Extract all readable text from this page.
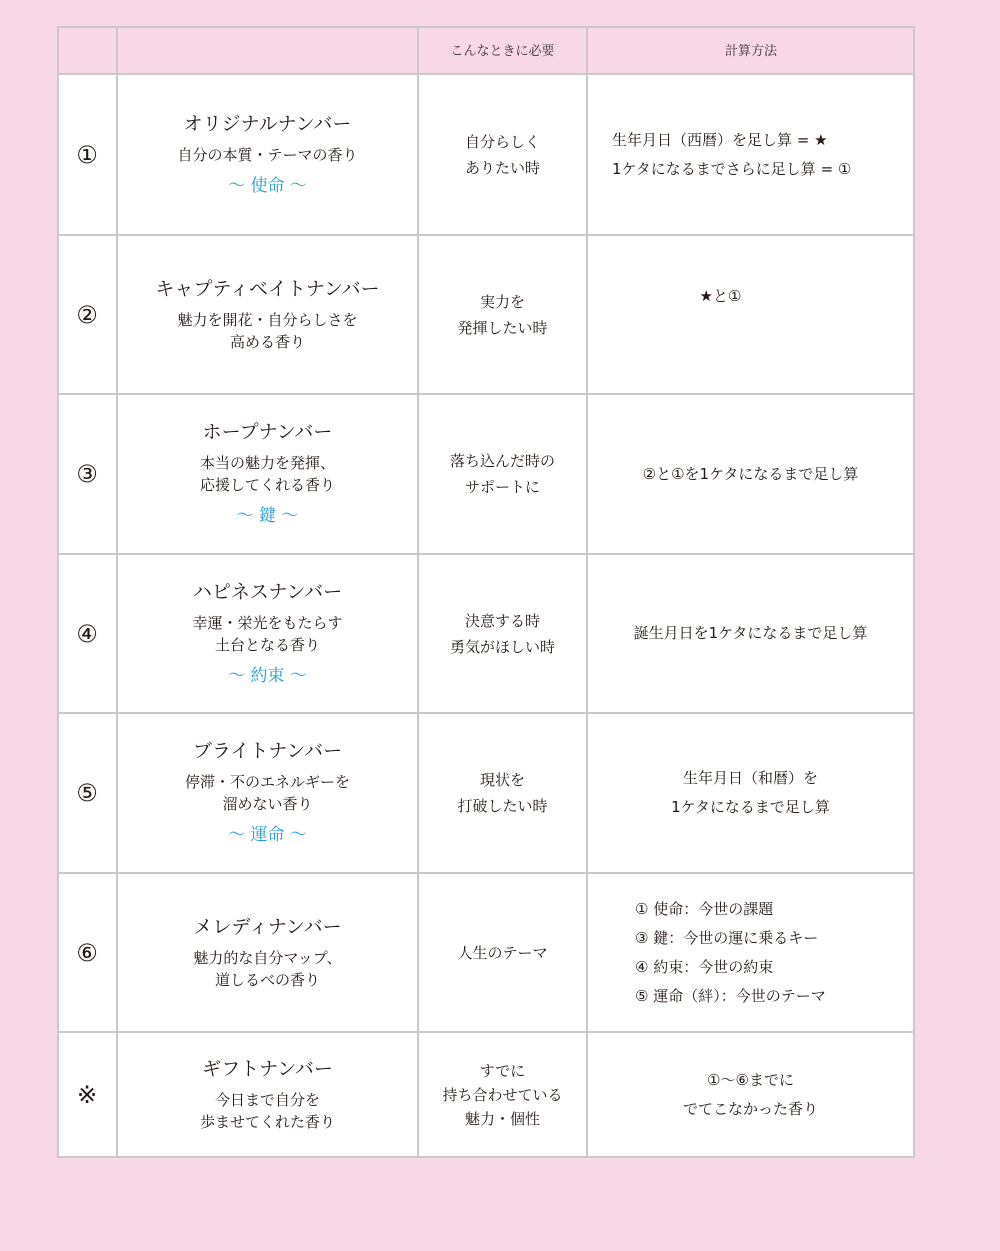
こんなときに必要	計算方法
①
オリジナルナンバー
自分の本質・テーマの香り
～ 使命 ～
自分らしく
ありたい時
生年月日（西暦）を足し算 = ★
1ケタになるまでさらに足し算 = ①
②
キャプティベイトナンバー
魅力を開花・自分らしさを
高める香り
実力を
発揮したい時
★と①
③
ホープナンバー
本当の魅力を発揮、
応援してくれる香り
～ 鍵 ～
落ち込んだ時の
サポートに
②と①を1ケタになるまで足し算
④
ハピネスナンバー
幸運・栄光をもたらす
土台となる香り
～ 約束 ～
決意する時
勇気がほしい時
誕生月日を1ケタになるまで足し算
⑤
ブライトナンバー
停滞・不のエネルギーを
溜めない香り
～ 運命 ～
現状を
打破したい時
生年月日（和暦）を
1ケタになるまで足し算
⑥
メレディナンバー
魅力的な自分マップ、
道しるべの香り
人生のテーマ
① 使命：今世の課題
③ 鍵：今世の運に乗るキー
④ 約束：今世の約束
⑤ 運命（絆）：今世のテーマ
※
ギフトナンバー
今日まで自分を
歩ませてくれた香り
すでに
持ち合わせている
魅力・個性
①～⑥までに
でてこなかった香り
